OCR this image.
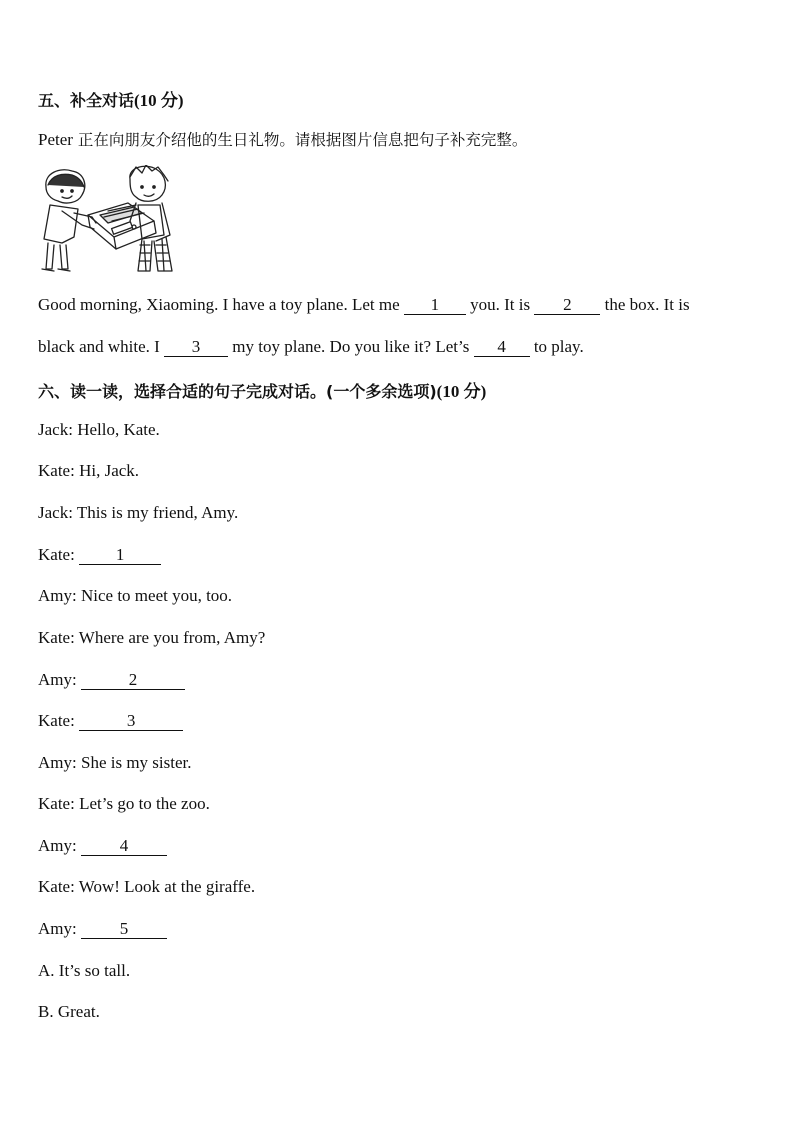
五、补全对话(10 分)
Peter 正在向朋友介绍他的生日礼物。请根据图片信息把句子补充完整。
Good morning, Xiaoming. I have a toy plane. Let me 1 you. It is 2 the box. It is
black and white. I 3 my toy plane. Do you like it? Let’s 4 to play.
六、读一读，选择合适的句子完成对话。(一个多余选项)(10 分)
Jack: Hello, Kate.
Kate: Hi, Jack.
Jack: This is my friend, Amy.
Kate: 1
Amy: Nice to meet you, too.
Kate: Where are you from, Amy?
Amy:	2
Kate:	3
Amy: She is my sister.
Kate: Let’s go to the zoo.
Amy:	4
Kate: Wow! Look at the giraffe.
Amy:	5
A. It’s so tall.
B. Great.
